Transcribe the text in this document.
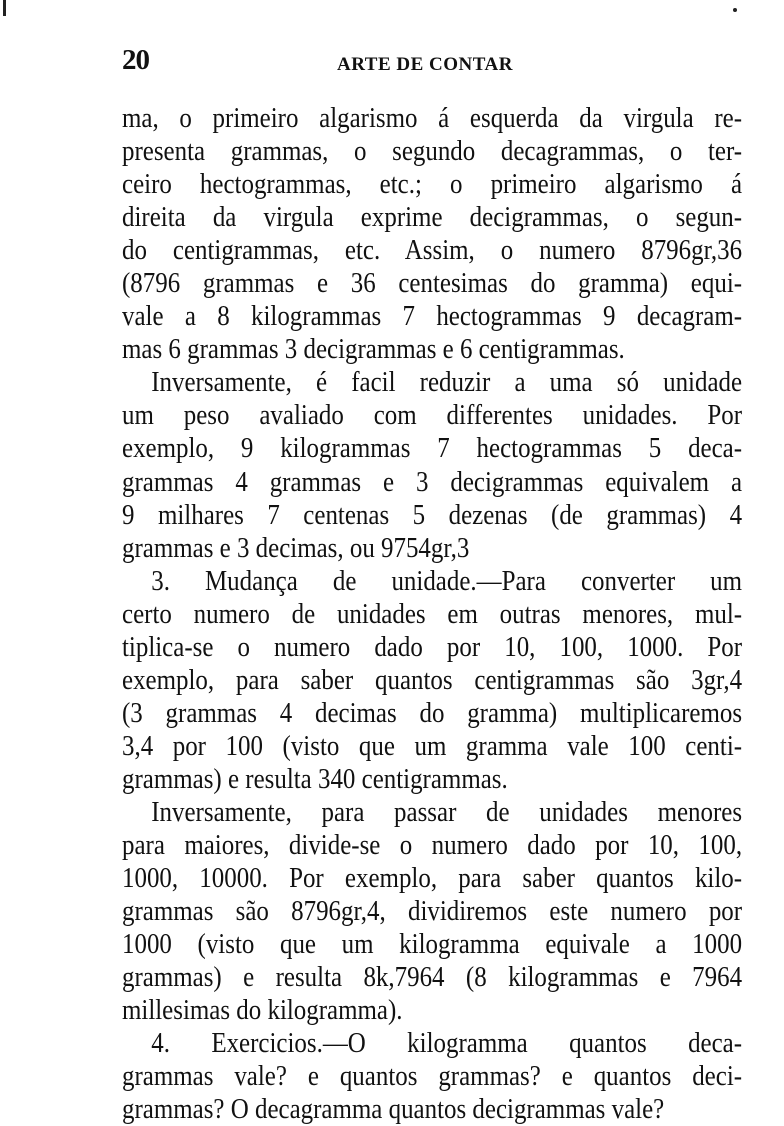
20	ARTE DE CONTAR
ma, o primeiro algarismo á esquerda da virgula re-
presenta grammas, o segundo decagrammas, o ter-
ceiro hectogrammas, etc.; o primeiro algarismo á
direita da virgula exprime decigrammas, o segun-
do centigrammas, etc. Assim, o numero 8796gr,36
(8796 grammas e 36 centesimas do gramma) equi-
vale a 8 kilogrammas 7 hectogrammas 9 decagram-
mas 6 grammas 3 decigrammas e 6 centigrammas.
Inversamente, é facil reduzir a uma só unidade
um peso avaliado com differentes unidades. Por
exemplo, 9 kilogrammas 7 hectogrammas 5 deca-
grammas 4 grammas e 3 decigrammas equivalem a
9 milhares 7 centenas 5 dezenas (de grammas) 4
grammas e 3 decimas, ou 9754gr,3
3. Mudança de unidade.—Para converter um
certo numero de unidades em outras menores, mul-
tiplica-se o numero dado por 10, 100, 1000. Por
exemplo, para saber quantos centigrammas são 3gr,4
(3 grammas 4 decimas do gramma) multiplicaremos
3,4 por 100 (visto que um gramma vale 100 centi-
grammas) e resulta 340 centigrammas.
Inversamente, para passar de unidades menores
para maiores, divide-se o numero dado por 10, 100,
1000, 10000. Por exemplo, para saber quantos kilo-
grammas são 8796gr,4, dividiremos este numero por
1000 (visto que um kilogramma equivale a 1000
grammas) e resulta 8k,7964 (8 kilogrammas e 7964
millesimas do kilogramma).
4. Exercicios.—O kilogramma quantos deca-
grammas vale? e quantos grammas? e quantos deci-
grammas? O decagramma quantos decigrammas vale?
